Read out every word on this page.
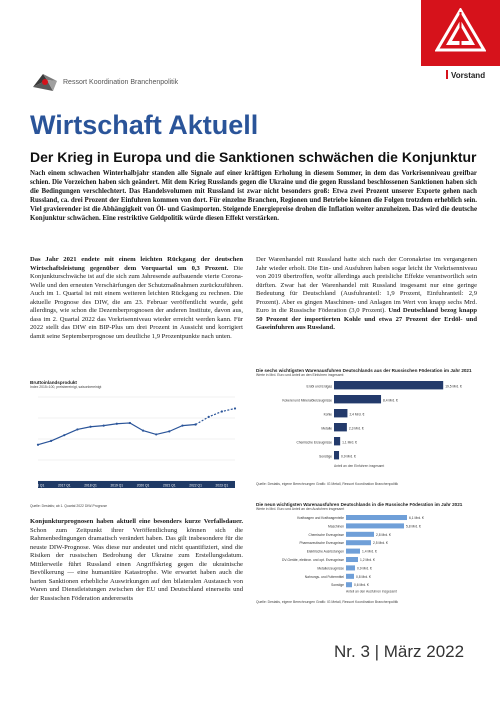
Vorstand
Ressort Koordination Branchenpolitik
Wirtschaft Aktuell
Der Krieg in Europa und die Sanktionen schwächen die Konjunktur

Nach einem schwachen Winterhalbjahr standen alle Signale auf einer kräftigen Erholung in diesem Sommer, in dem das Vorkrisenniveau greifbar schien. Die Vorzeichen haben sich geändert. Mit dem Krieg Russlands gegen die Ukraine und die gegen Russland beschlossenen Sanktionen haben sich die Bedingungen verschlechtert. Das Handelsvolumen mit Russland ist zwar nicht besonders groß: Etwa zwei Prozent unserer Exporte gehen nach Russland, ca. drei Prozent der Einfuhren kommen von dort. Für einzelne Branchen, Regionen und Betriebe können die Folgen trotzdem erheblich sein. Viel gravierender ist die Abhängigkeit von Öl- und Gasimporten. Steigende Energiepreise drohen die Inflation weiter anzuheizen. Das wird die deutsche Konjunktur schwächen. Eine restriktive Geldpolitik würde diesen Effekt verstärken.

Das Jahr 2021 endete mit einem leichten Rückgang der deutschen Wirtschaftsleistung gegenüber dem Vorquartal um 0,3 Prozent. Die Konjunkturschwäche ist auf die sich zum Jahresende aufbauende vierte Corona-Welle und den erneuten Verschärfungen der Schutzmaßnahmen zurückzuführen. Auch im 1. Quartal ist mit einem weiteren leichten Rückgang zu rechnen. Die aktuelle Prognose des DIW, die am 23. Februar veröffentlicht wurde, geht allerdings, wie schon die Dezemberprognosen der anderen Institute, davon aus, dass im 2. Quartal 2022 das Vorkrisenniveau wieder erreicht werden kann. Für 2022 stellt das DIW ein BIP-Plus um drei Prozent in Aussicht und korrigiert damit seine Septemberprognose um deutliche 1,9 Prozentpunkte nach unten.
Der Warenhandel mit Russland hatte sich nach der Coronakrise im vergangenen Jahr wieder erholt. Die Ein- und Ausfuhren haben sogar leicht ihr Vorkrisenniveau von 2019 übertroffen, wofür allerdings auch preisliche Effekte verantwortlich sein dürften. Zwar hat der Warenhandel mit Russland insgesamt nur eine geringe Bedeutung für Deutschland (Ausfuhranteil: 1,9 Prozent, Einfuhranteil: 2,9 Prozent). Aber es gingen Maschinen- und Anlagen im Wert von knapp sechs Mrd. Euro in die Russische Föderation (3,0 Prozent). Und Deutschland bezog knapp 50 Prozent der importierten Kohle und etwa 27 Prozent der Erdöl- und Gaseinfuhren aus Russland.
Konjunkturprognosen haben aktuell eine besonders kurze Verfallsdauer. Schon zum Zeitpunkt ihrer Veröffentlichung können sich die Rahmenbedingungen dramatisch verändert haben. Das gilt insbesondere für die neuste DIW-Prognose. Was diese nur andeutet und nicht quantifiziert, sind die Risiken der russischen Bedrohung der Ukraine zum Erstellungsdatum. Mittlerweile führt Russland einen Angriffskrieg gegen die ukrainische Bevölkerung — eine humanitäre Katastrophe. Wie erwartet haben auch die harten Sanktionen erhebliche Auswirkungen auf den bilateralen Austausch von Waren und Dienstleistungen zwischen der EU und Deutschland einerseits und der Russischen Föderation andererseits
Bruttoinlandsprodukt
Index 2015=100, preisbereinigt, saisonbereinigt
2016 Q1	2017 Q1	2018 Q1	2019 Q1	2020 Q1	2021 Q1	2022 Q1	2023 Q1
Quelle: Destatis; ab 1. Quartal 2022 DIW-Prognose
Die sechs wichtigsten Warenausfuhren Deutschlands aus der Russischen Föderation im Jahr 2021
Werte in Mrd. Euro und Anteil an den Einfuhren insgesamt
Erdöl und Erdgas	19,5 Mrd. €
Kokerei und Mineralölerzeugnisse	8,4 Mrd. €
Kohle	2,4 Mrd. €
Metalle	2,3 Mrd. €
Chemische Erzeugnisse	1,1 Mrd. €
Sonstige	0,9 Mrd. €
Anteil an den Einfuhren insgesamt
Quelle: Destatis, eigene Berechnungen Grafik: IG Metall, Ressort Koordination Branchenpolitik
Die neun wichtigsten Warenausfuhren Deutschlands in die Russische Föderation im Jahr 2021
Werte in Mrd. Euro und Anteil an den Ausfuhren insgesamt
Kraftwagen und Kraftwagenteile	6,1 Mrd. €
Maschinen	5,8 Mrd. €
Chemische Erzeugnisse	2,8 Mrd. €
Pharmazeutische Erzeugnisse	2,5 Mrd. €
Elektrische Ausrüstungen	1,4 Mrd. €
DV-Geräte, elektron. und opt. Erzeugnisse	1,2 Mrd. €
Metallerzeugnisse	0,9 Mrd. €
Nahrungs- und Futtermittel	0,8 Mrd. €
Sonstige	0,6 Mrd. €
Anteil an den Ausfuhren insgesamt
Quelle: Destatis, eigene Berechnungen Grafik: IG Metall, Ressort Koordination Branchenpolitik
Nr. 3 | März 2022
